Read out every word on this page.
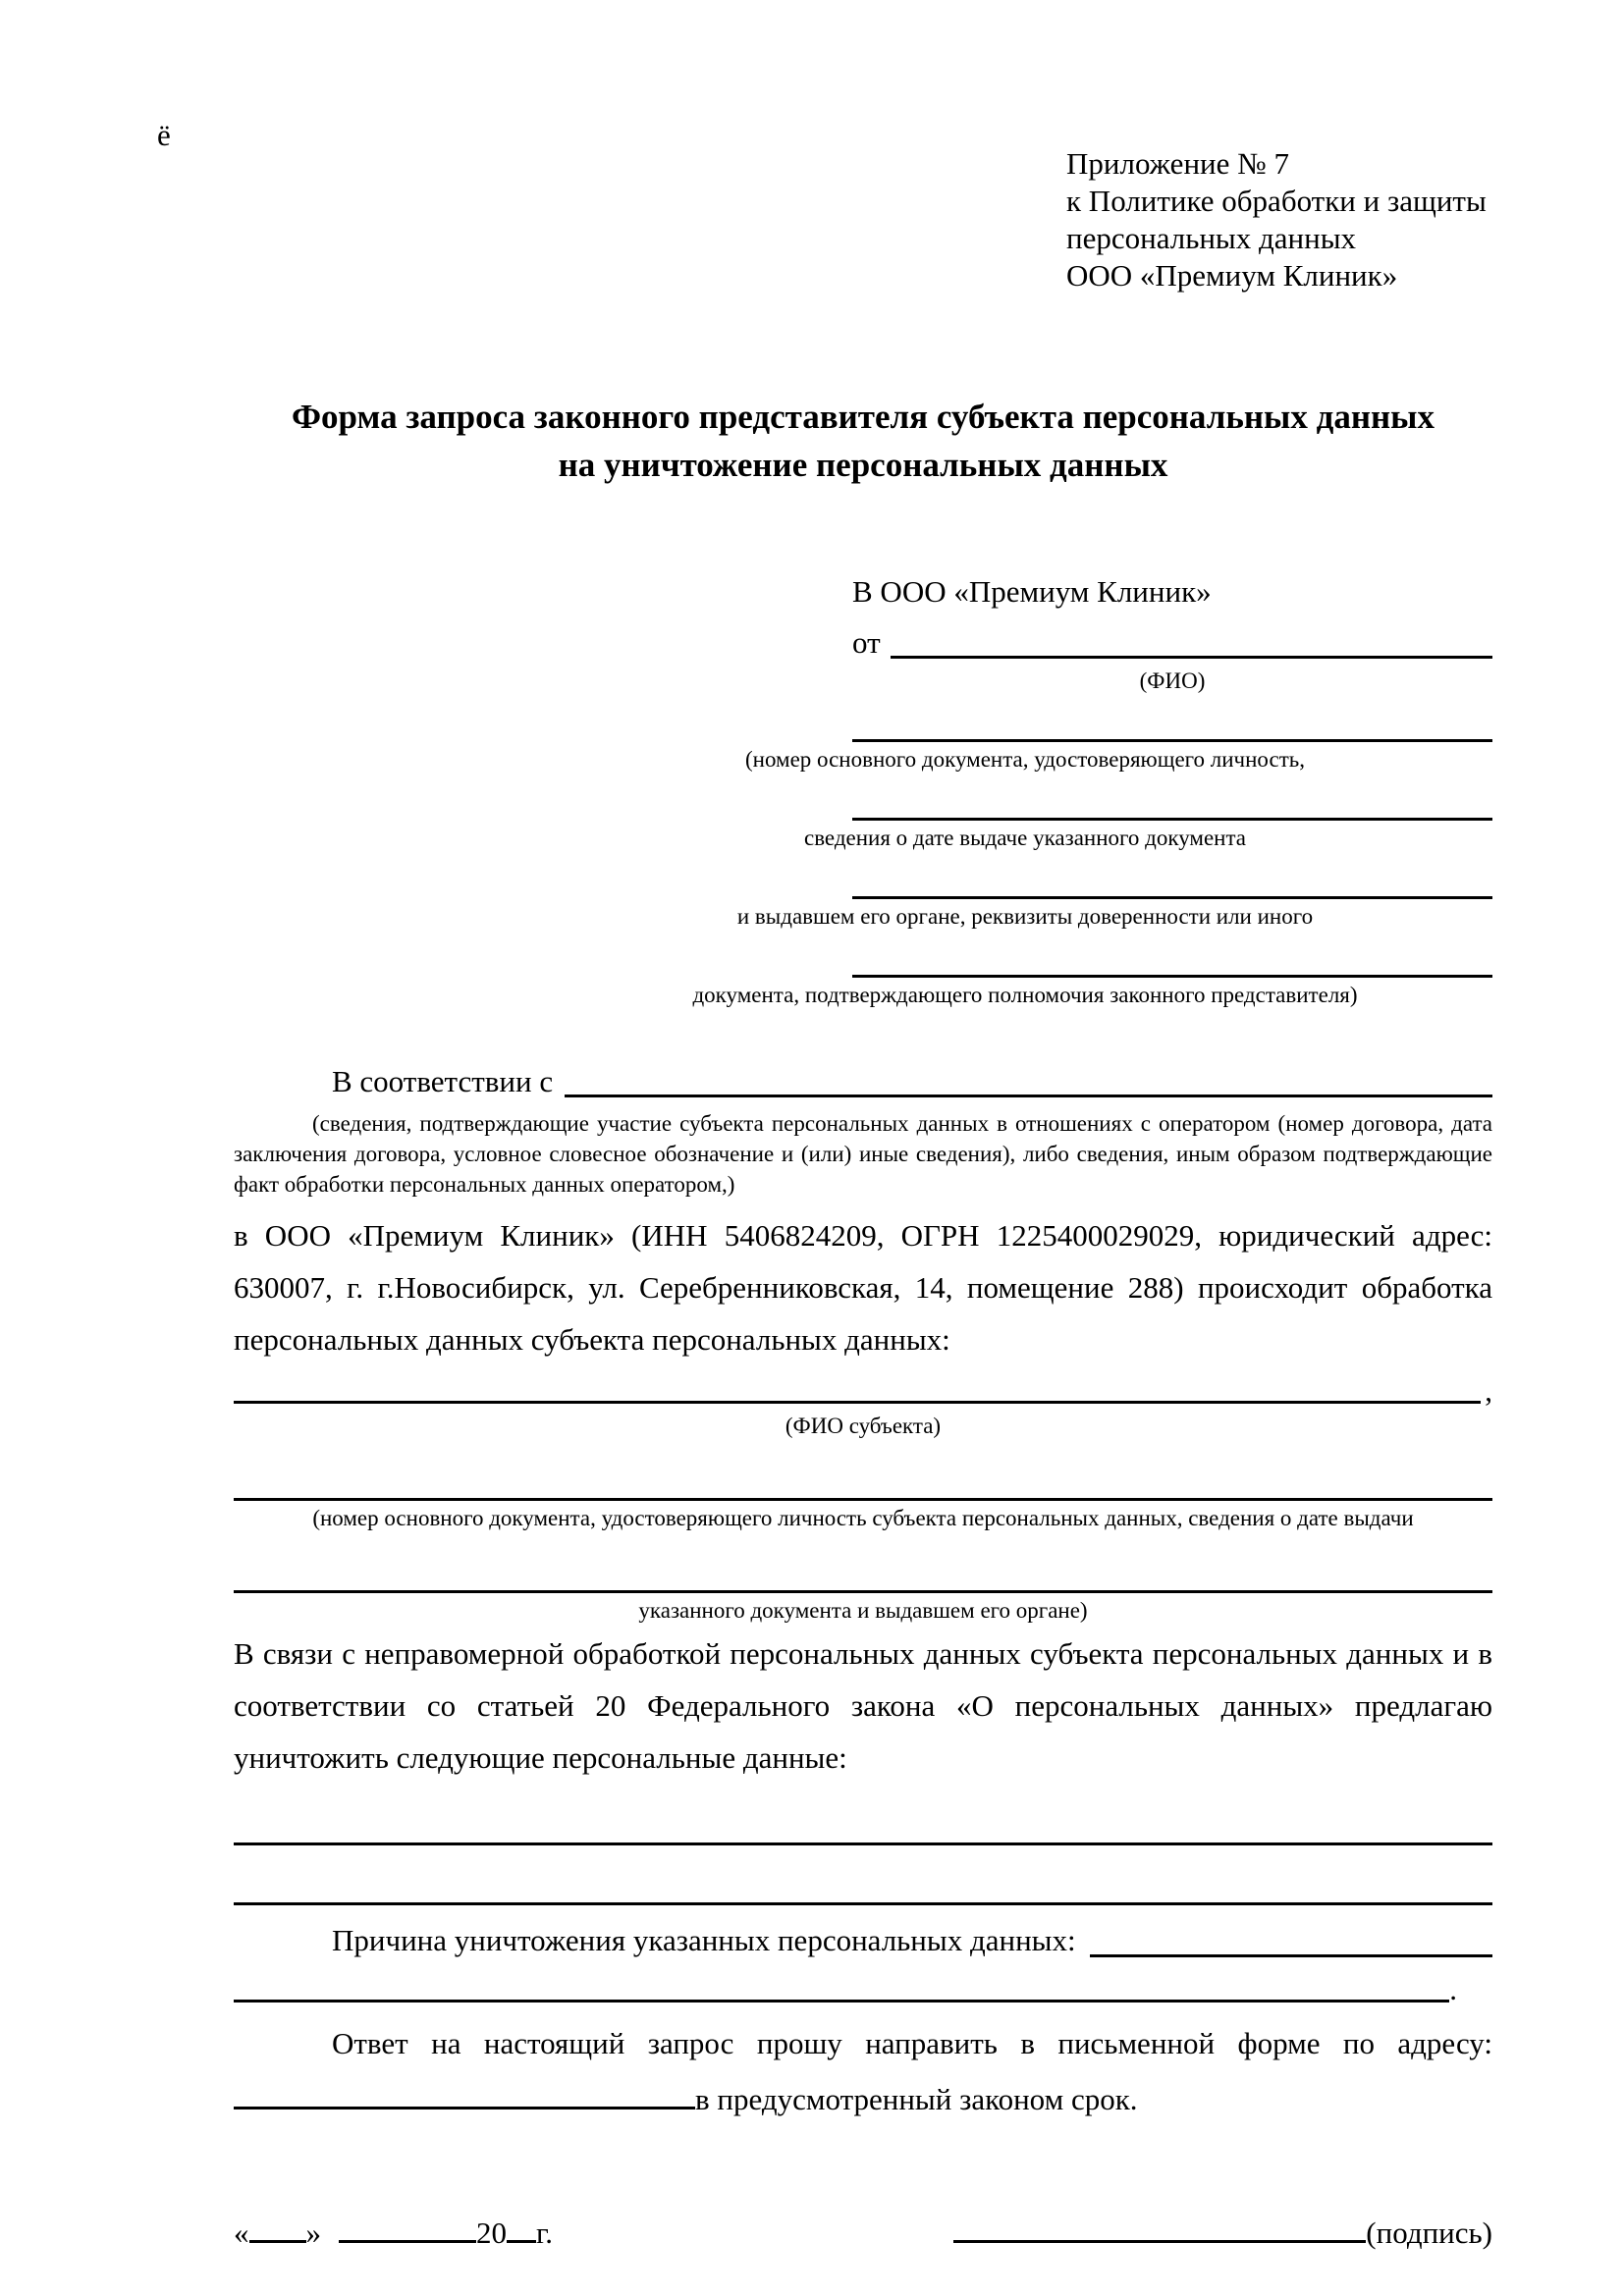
ё
Приложение № 7
к Политике обработки и защиты
персональных данных
ООО «Премиум Клиник»
Форма запроса законного представителя субъекта персональных данных
на уничтожение персональных данных
В ООО «Премиум Клиник»
от
(ФИО)
(номер основного документа, удостоверяющего личность,
сведения о дате выдаче указанного документа
и выдавшем его органе, реквизиты доверенности или иного
документа, подтверждающего полномочия законного представителя)
В соответствии с

(сведения, подтверждающие участие субъекта персональных данных в отношениях с оператором (номер договора, дата заключения договора, условное словесное обозначение и (или) иные сведения), либо сведения, иным образом подтверждающие факт обработки персональных данных оператором,)

в ООО «Премиум Клиник» (ИНН 5406824209, ОГРН 1225400029029, юридический адрес: 630007, г. г.Новосибирск, ул. Серебренниковская, 14, помещение 288) происходит обработка персональных данных субъекта персональных данных:

,
(ФИО субъекта)
(номер основного документа, удостоверяющего личность субъекта персональных данных, сведения о дате выдачи
указанного документа и выдавшем его органе)

В связи с неправомерной обработкой персональных данных субъекта персональных данных и в соответствии со статьей 20 Федерального закона «О персональных данных» предлагаю уничтожить следующие персональные данные:

Причина уничтожения указанных персональных данных:
.

Ответ на настоящий запрос прошу направить в письменной форме по адресу:

в предусмотренный законом срок.
« »	20 г.	(подпись)
